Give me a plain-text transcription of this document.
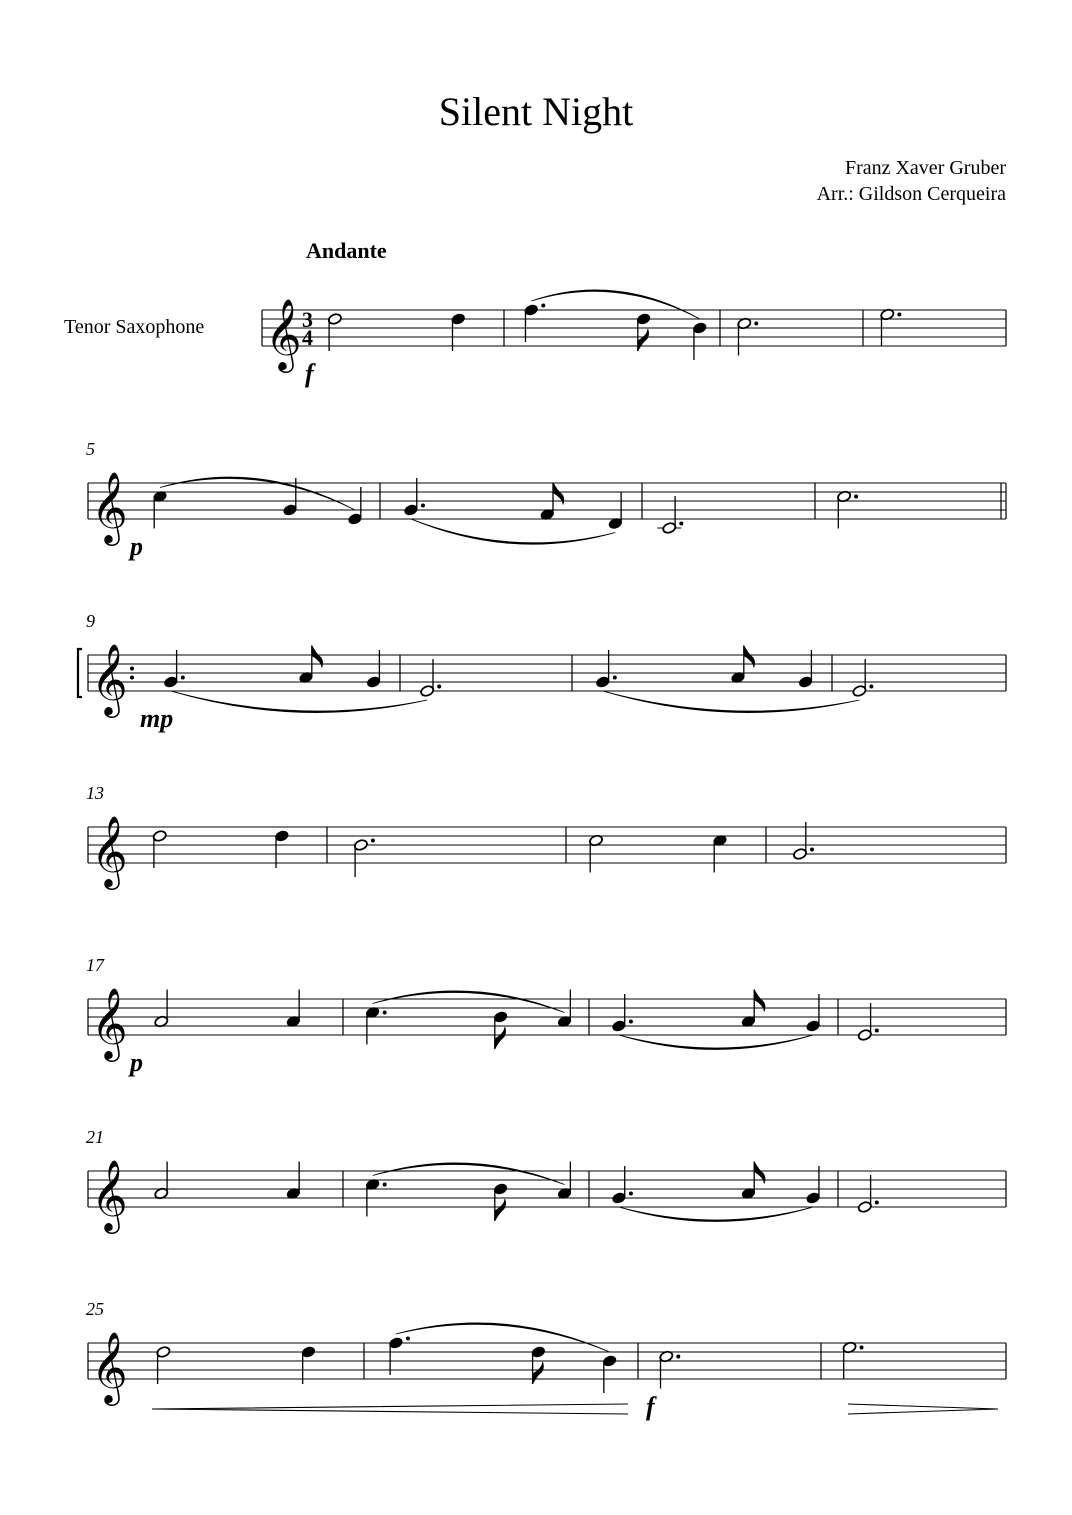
Silent Night
Franz Xaver Gruber
Arr.: Gildson Cerqueira
Andante
Tenor Saxophone 𝄞 3
4
𝄞
5
𝄞
9
𝄞
13
𝄞
17
𝄞
21
𝄞
25
f
p
mp
p
f
